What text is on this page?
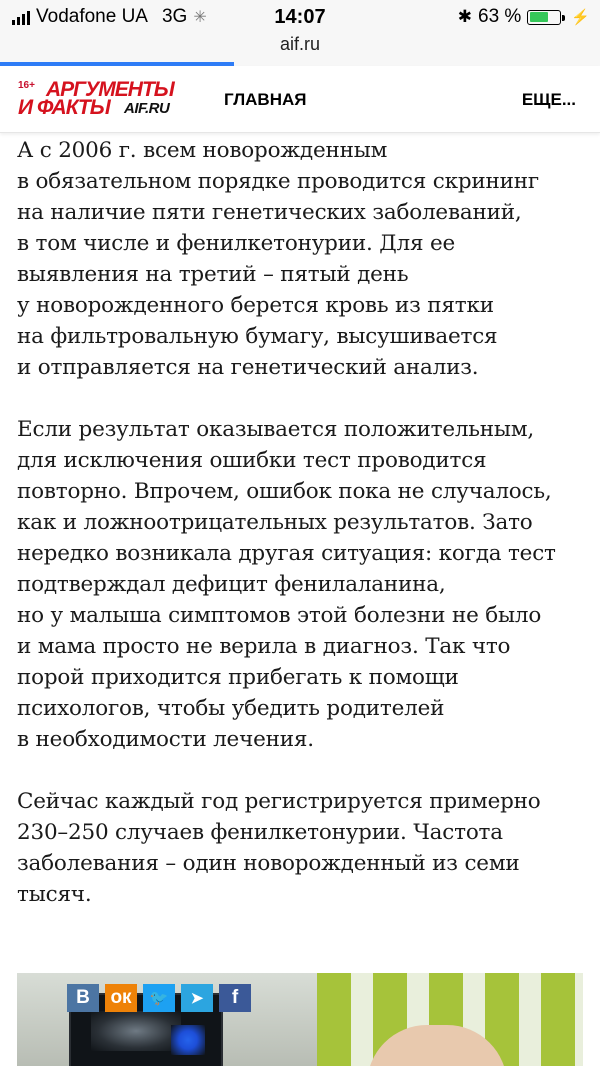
Vodafone UA 3G ✳	14:07	✱ 63 %	⚡
aif.ru
16+ АРГУМЕНТЫ
И ФАКТЫ AIF.RU	ГЛАВНАЯ	ЕЩЕ...

А с 2006 г. всем новорожденным
в обязательном порядке проводится скрининг
на наличие пяти генетических заболеваний,
в том числе и фенилкетонурии. Для ее
выявления на третий – пятый день
у новорожденного берется кровь из пятки
на фильтровальную бумагу, высушивается
и отправляется на генетический анализ.

Если результат оказывается положительным,
для исключения ошибки тест проводится
повторно. Впрочем, ошибок пока не случалось,
как и ложноотрицательных результатов. Зато
нередко возникала другая ситуация: когда тест
подтверждал дефицит фенилаланина,
но у малыша симптомов этой болезни не было
и мама просто не верила в диагноз. Так что
порой приходится прибегать к помощи
психологов, чтобы убедить родителей
в необходимости лечения.

Сейчас каждый год регистрируется примерно
230–250 случаев фенилкетонурии. Частота
заболевания – один новорожденный из семи
тысяч.

В ок 🐦 ➤ f
